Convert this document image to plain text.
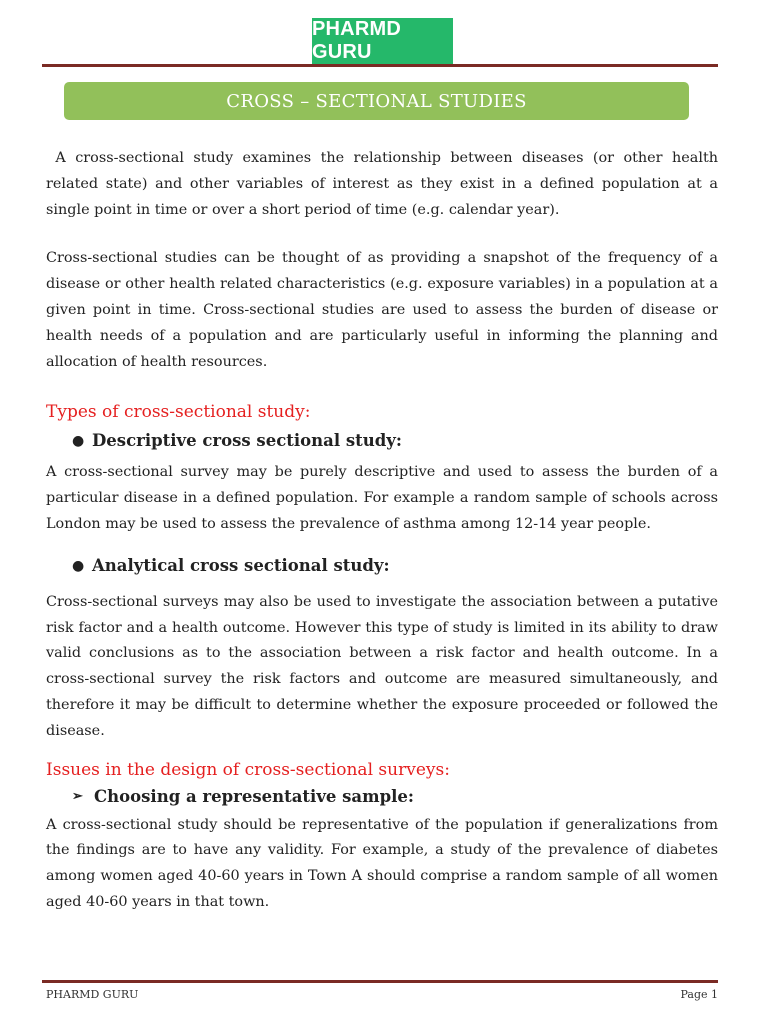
PHARMD GURU
CROSS – SECTIONAL STUDIES

A cross-sectional study examines the relationship between diseases (or other health related state) and other variables of interest as they exist in a defined population at a single point in time or over a short period of time (e.g. calendar year).

Cross-sectional studies can be thought of as providing a snapshot of the frequency of a disease or other health related characteristics (e.g. exposure variables) in a population at a given point in time. Cross-sectional studies are used to assess the burden of disease or health needs of a population and are particularly useful in informing the planning and allocation of health resources.

Types of cross-sectional study:
● Descriptive cross sectional study:

A cross-sectional survey may be purely descriptive and used to assess the burden of a particular disease in a defined population. For example a random sample of schools across London may be used to assess the prevalence of asthma among 12-14 year people.

● Analytical cross sectional study:

Cross-sectional surveys may also be used to investigate the association between a putative risk factor and a health outcome. However this type of study is limited in its ability to draw valid conclusions as to the association between a risk factor and health outcome. In a cross-sectional survey the risk factors and outcome are measured simultaneously, and therefore it may be difficult to determine whether the exposure proceeded or followed the disease.

Issues in the design of cross-sectional surveys:
➢ Choosing a representative sample:

A cross-sectional study should be representative of the population if generalizations from the findings are to have any validity. For example, a study of the prevalence of diabetes among women aged 40-60 years in Town A should comprise a random sample of all women aged 40-60 years in that town.

PHARMD GURU	Page 1
